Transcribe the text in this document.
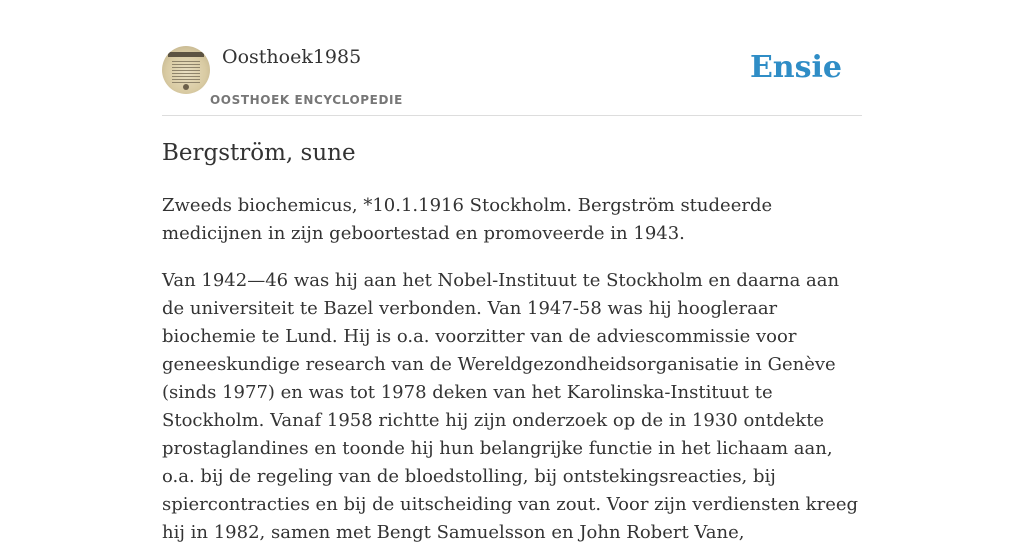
Oosthoek1985
OOSTHOEK ENCYCLOPEDIE
Ensie
Bergström, sune

Zweeds biochemicus, *10.1.1916 Stockholm. Bergström studeerde medicijnen in zijn geboortestad en promoveerde in 1943.

Van 1942—46 was hij aan het Nobel-Instituut te Stockholm en daarna aan de universiteit te Bazel verbonden. Van 1947-58 was hij hoogleraar biochemie te Lund. Hij is o.a. voorzitter van de adviescommissie voor geneeskundige research van de Wereldgezondheidsorganisatie in Genève (sinds 1977) en was tot 1978 deken van het Karolinska-Instituut te Stockholm. Vanaf 1958 richtte hij zijn onderzoek op de in 1930 ontdekte prostaglandines en toonde hij hun belangrijke functie in het lichaam aan, o.a. bij de regeling van de bloedstolling, bij ontstekingsreacties, bij spiercontracties en bij de uitscheiding van zout. Voor zijn verdiensten kreeg hij in 1982, samen met Bengt Samuelsson en John Robert Vane,
